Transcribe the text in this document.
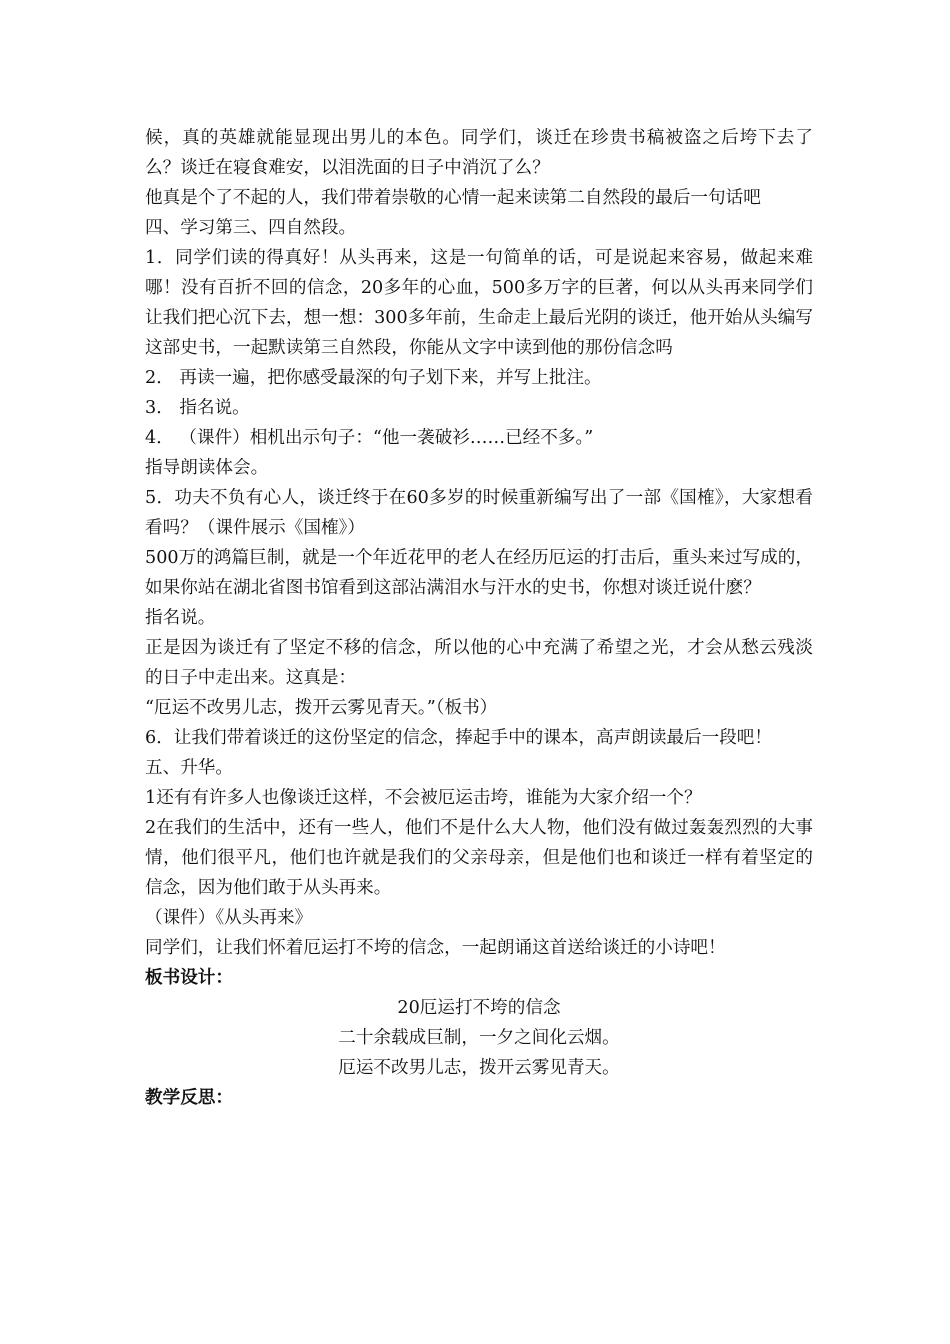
候，真的英雄就能显现出男儿的本色。同学们，谈迁在珍贵书稿被盗之后垮下去了么？谈迁在寝食难安，以泪洗面的日子中消沉了么？

他真是个了不起的人，我们带着崇敬的心情一起来读第二自然段的最后一句话吧

四、学习第三、四自然段。

1．同学们读的得真好！从头再来，这是一句简单的话，可是说起来容易，做起来难哪！没有百折不回的信念，20多年的心血，500多万字的巨著，何以从头再来同学们让我们把心沉下去，想一想：300多年前，生命走上最后光阴的谈迁，他开始从头编写这部史书，一起默读第三自然段，你能从文字中读到他的那份信念吗

2． 再读一遍，把你感受最深的句子划下来，并写上批注。

3． 指名说。

4． （课件）相机出示句子：“他一袭破衫……已经不多。”

指导朗读体会。

5．功夫不负有心人，谈迁终于在60多岁的时候重新编写出了一部《国榷》，大家想看看吗？（课件展示《国榷》）

500万的鸿篇巨制，就是一个年近花甲的老人在经历厄运的打击后，重头来过写成的，如果你站在湖北省图书馆看到这部沾满泪水与汗水的史书，你想对谈迁说什麽？

指名说。

正是因为谈迁有了坚定不移的信念，所以他的心中充满了希望之光，才会从愁云残淡的日子中走出来。这真是：

“厄运不改男儿志，拨开云雾见青天。”（板书）

6．让我们带着谈迁的这份坚定的信念，捧起手中的课本，高声朗读最后一段吧！

五、升华。

1还有有许多人也像谈迁这样，不会被厄运击垮，谁能为大家介绍一个？

2在我们的生活中，还有一些人，他们不是什么大人物，他们没有做过轰轰烈烈的大事情，他们很平凡，他们也许就是我们的父亲母亲，但是他们也和谈迁一样有着坚定的信念，因为他们敢于从头再来。

（课件）《从头再来》

同学们，让我们怀着厄运打不垮的信念，一起朗诵这首送给谈迁的小诗吧！

板书设计：

20厄运打不垮的信念

二十余载成巨制，一夕之间化云烟。

厄运不改男儿志，拨开云雾见青天。

教学反思：
